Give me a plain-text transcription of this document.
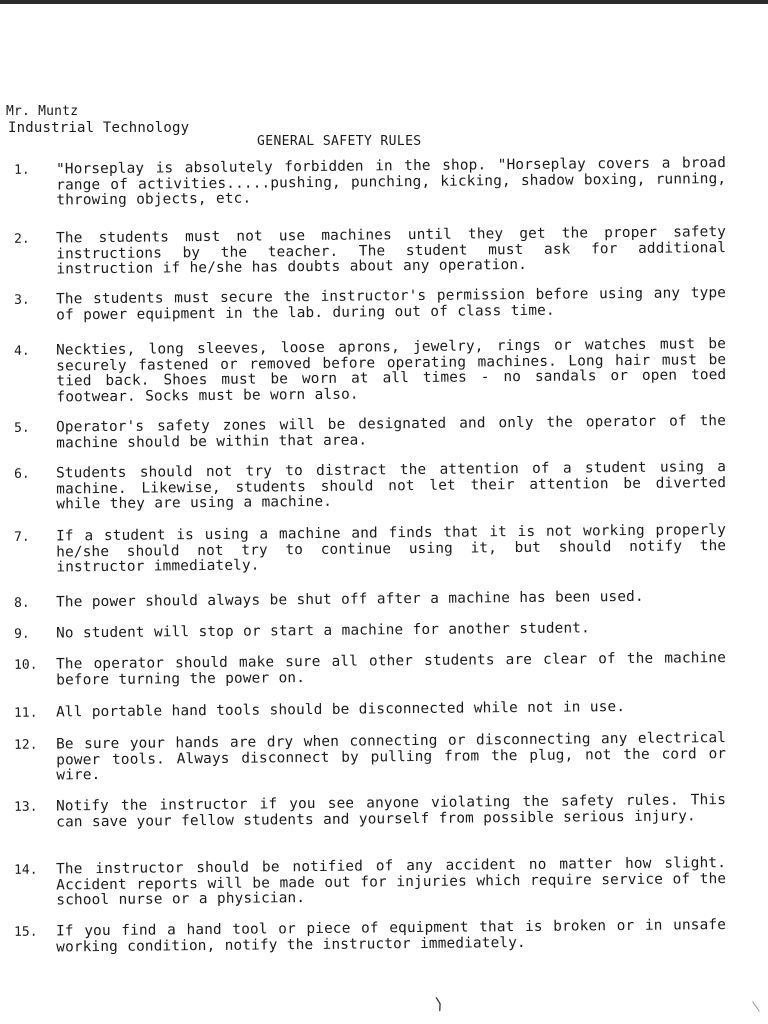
Mr. Muntz
Industrial Technology
GENERAL SAFETY RULES
1.	"Horseplay is absolutely forbidden in the shop. "Horseplay covers a broad range of activities.....pushing, punching, kicking, shadow boxing, running, throwing objects, etc.
2.	The students must not use machines until they get the proper safety instructions by the teacher. The student must ask for additional instruction if he/she has doubts about any operation.
3.	The students must secure the instructor's permission before using any type of power equipment in the lab. during out of class time.
4.	Neckties, long sleeves, loose aprons, jewelry, rings or watches must be securely fastened or removed before operating machines. Long hair must be tied back. Shoes must be worn at all times - no sandals or open toed footwear. Socks must be worn also.
5.	Operator's safety zones will be designated and only the operator of the machine should be within that area.
6.	Students should not try to distract the attention of a student using a machine. Likewise, students should not let their attention be diverted while they are using a machine.
7.	If a student is using a machine and finds that it is not working properly he/she should not try to continue using it, but should notify the instructor immediately.
8.	The power should always be shut off after a machine has been used.
9.	No student will stop or start a machine for another student.
10.	The operator should make sure all other students are clear of the machine before turning the power on.
11.	All portable hand tools should be disconnected while not in use.
12.	Be sure your hands are dry when connecting or disconnecting any electrical power tools. Always disconnect by pulling from the plug, not the cord or wire.
13.	Notify the instructor if you see anyone violating the safety rules. This can save your fellow students and yourself from possible serious injury.
14.	The instructor should be notified of any accident no matter how slight. Accident reports will be made out for injuries which require service of the school nurse or a physician.
15.	If you find a hand tool or piece of equipment that is broken or in unsafe working condition, notify the instructor immediately.
⟩
